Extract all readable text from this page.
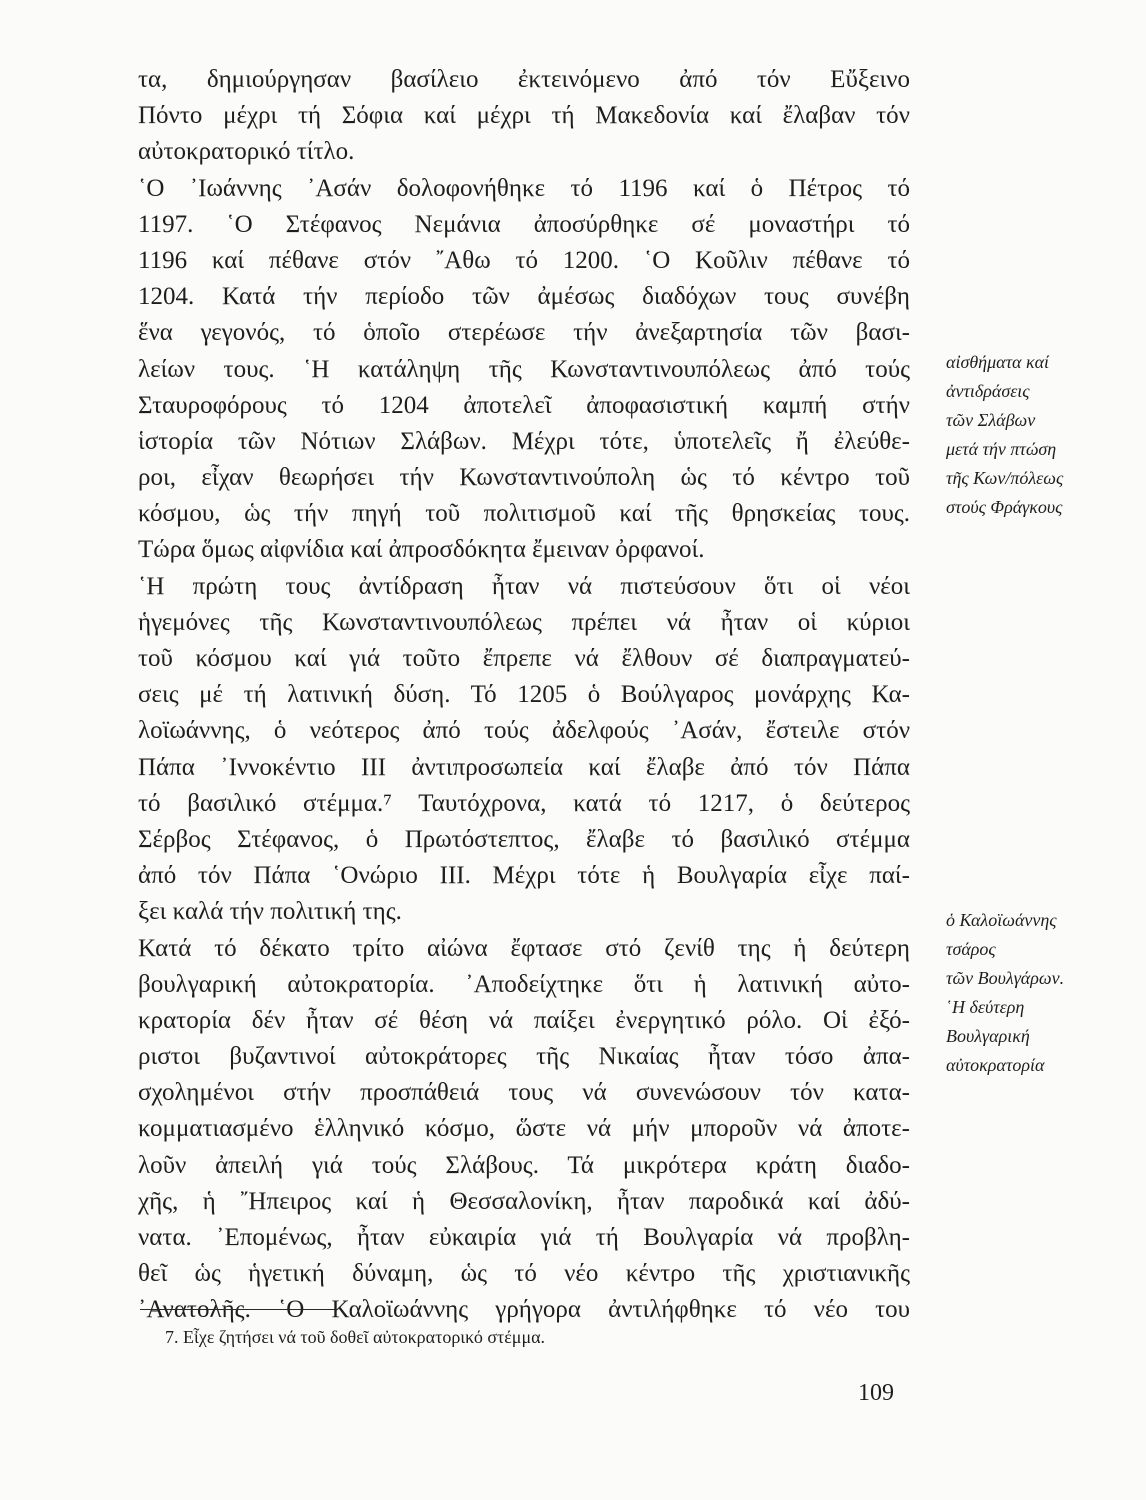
τα, δημιούργησαν βασίλειο ἐκτεινόμενο ἀπό τόν Εὔξεινο
Πόντο μέχρι τή Σόφια καί μέχρι τή Μακεδονία καί ἔλαβαν τόν
αὐτοκρατορικό τίτλο.
῾Ο ᾿Ιωάννης ᾿Ασάν δολοφονήθηκε τό 1196 καί ὁ Πέτρος τό
1197. ῾Ο Στέφανος Νεμάνια ἀποσύρθηκε σέ μοναστήρι τό
1196 καί πέθανε στόν ῎Αθω τό 1200. ῾Ο Κοῦλιν πέθανε τό
1204. Κατά τήν περίοδο τῶν ἀμέσως διαδόχων τους συνέβη
ἕνα γεγονός, τό ὁποῖο στερέωσε τήν ἀνεξαρτησία τῶν βασι-
λείων τους. ῾Η κατάληψη τῆς Κωνσταντινουπόλεως ἀπό τούς
Σταυροφόρους τό 1204 ἀποτελεῖ ἀποφασιστική καμπή στήν
ἱστορία τῶν Νότιων Σλάβων. Μέχρι τότε, ὑποτελεῖς ἤ ἐλεύθε-
ροι, εἶχαν θεωρήσει τήν Κωνσταντινούπολη ὡς τό κέντρο τοῦ
κόσμου, ὡς τήν πηγή τοῦ πολιτισμοῦ καί τῆς θρησκείας τους.
Τώρα ὅμως αἰφνίδια καί ἀπροσδόκητα ἔμειναν ὀρφανοί.
῾Η πρώτη τους ἀντίδραση ἦταν νά πιστεύσουν ὅτι οἱ νέοι
ἡγεμόνες τῆς Κωνσταντινουπόλεως πρέπει νά ἦταν οἱ κύριοι
τοῦ κόσμου καί γιά τοῦτο ἔπρεπε νά ἔλθουν σέ διαπραγματεύ-
σεις μέ τή λατινική δύση. Τό 1205 ὁ Βούλγαρος μονάρχης Κα-
λοϊωάννης, ὁ νεότερος ἀπό τούς ἀδελφούς ᾿Ασάν, ἔστειλε στόν
Πάπα ᾿Ιννοκέντιο ΙΙΙ ἀντιπροσωπεία καί ἔλαβε ἀπό τόν Πάπα
τό βασιλικό στέμμα.⁷ Ταυτόχρονα, κατά τό 1217, ὁ δεύτερος
Σέρβος Στέφανος, ὁ Πρωτόστεπτος, ἔλαβε τό βασιλικό στέμμα
ἀπό τόν Πάπα ῾Ονώριο ΙΙΙ. Μέχρι τότε ἡ Βουλγαρία εἶχε παί-
ξει καλά τήν πολιτική της.
Κατά τό δέκατο τρίτο αἰώνα ἔφτασε στό ζενίθ της ἡ δεύτερη
βουλγαρική αὐτοκρατορία. ᾿Αποδείχτηκε ὅτι ἡ λατινική αὐτο-
κρατορία δέν ἦταν σέ θέση νά παίξει ἐνεργητικό ρόλο. Οἱ ἐξό-
ριστοι βυζαντινοί αὐτοκράτορες τῆς Νικαίας ἦταν τόσο ἀπα-
σχολημένοι στήν προσπάθειά τους νά συνενώσουν τόν κατα-
κομματιασμένο ἑλληνικό κόσμο, ὥστε νά μήν μποροῦν νά ἀποτε-
λοῦν ἀπειλή γιά τούς Σλάβους. Τά μικρότερα κράτη διαδο-
χῆς, ἡ ῎Ηπειρος καί ἡ Θεσσαλονίκη, ἦταν παροδικά καί ἀδύ-
νατα. ᾿Επομένως, ἦταν εὐκαιρία γιά τή Βουλγαρία νά προβλη-
θεῖ ὡς ἡγετική δύναμη, ὡς τό νέο κέντρο τῆς χριστιανικῆς
᾿Ανατολῆς. ῾Ο Καλοϊωάννης γρήγορα ἀντιλήφθηκε τό νέο του
αἰσθήματα καί
ἀντιδράσεις
τῶν Σλάβων
μετά τήν πτώση
τῆς Κων/πόλεως
στούς Φράγκους
ὁ Καλοϊωάννης
τσάρος
τῶν Βουλγάρων.
῾Η δεύτερη
Βουλγαρική
αὐτοκρατορία
7. Εἶχε ζητήσει νά τοῦ δοθεῖ αὐτοκρατορικό στέμμα.
109
